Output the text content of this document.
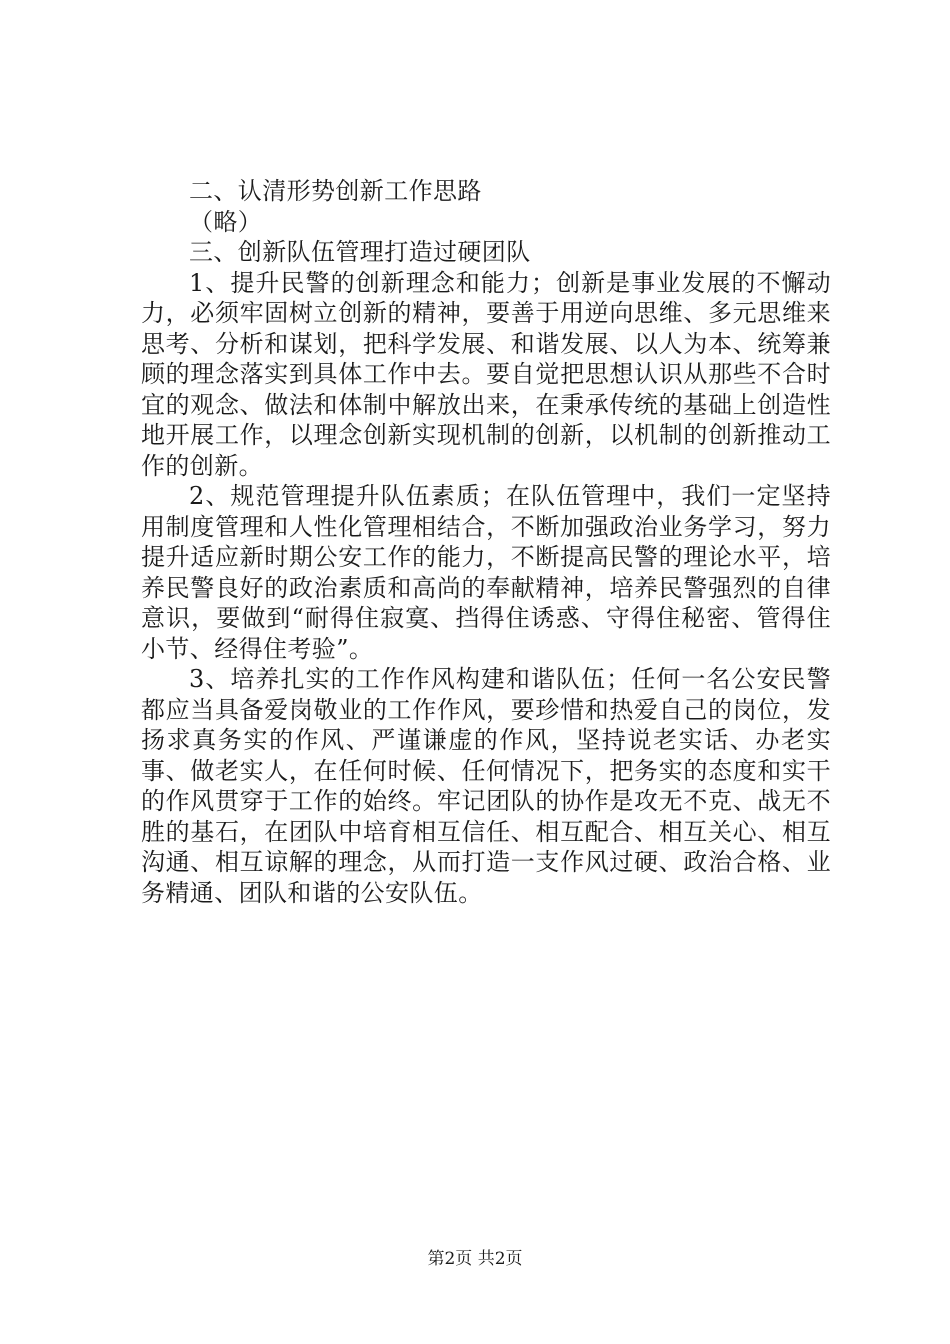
二、认清形势创新工作思路

（略）

三、创新队伍管理打造过硬团队

1、提升民警的创新理念和能力；创新是事业发展的不懈动力，必须牢固树立创新的精神，要善于用逆向思维、多元思维来思考、分析和谋划，把科学发展、和谐发展、以人为本、统筹兼顾的理念落实到具体工作中去。要自觉把思想认识从那些不合时宜的观念、做法和体制中解放出来，在秉承传统的基础上创造性地开展工作，以理念创新实现机制的创新，以机制的创新推动工作的创新。

2、规范管理提升队伍素质；在队伍管理中，我们一定坚持用制度管理和人性化管理相结合，不断加强政治业务学习，努力提升适应新时期公安工作的能力，不断提高民警的理论水平，培养民警良好的政治素质和高尚的奉献精神，培养民警强烈的自律意识，要做到“耐得住寂寞、挡得住诱惑、守得住秘密、管得住小节、经得住考验”。

3、培养扎实的工作作风构建和谐队伍；任何一名公安民警都应当具备爱岗敬业的工作作风，要珍惜和热爱自己的岗位，发扬求真务实的作风、严谨谦虚的作风，坚持说老实话、办老实事、做老实人，在任何时候、任何情况下，把务实的态度和实干的作风贯穿于工作的始终。牢记团队的协作是攻无不克、战无不胜的基石，在团队中培育相互信任、相互配合、相互关心、相互沟通、相互谅解的理念，从而打造一支作风过硬、政治合格、业务精通、团队和谐的公安队伍。

第2页 共2页
